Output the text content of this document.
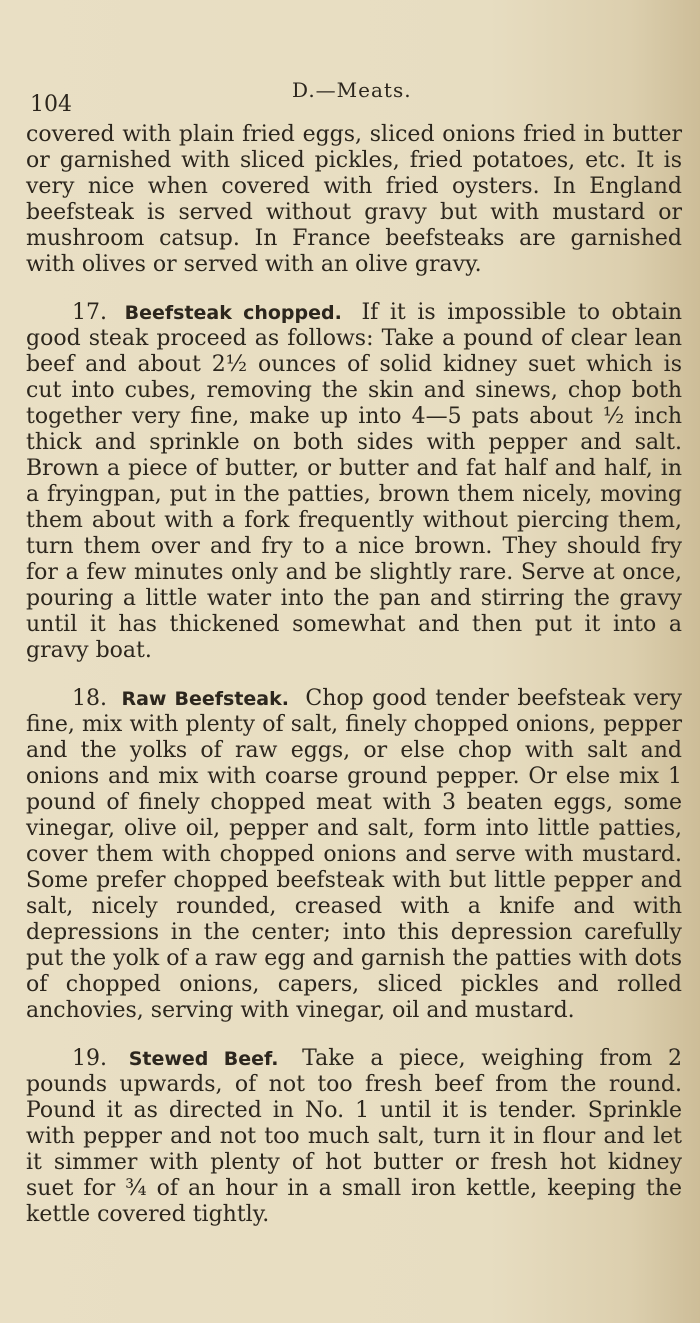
104
D.—Meats.

covered with plain fried eggs, sliced onions fried in butter or garnished with sliced pickles, fried potatoes, etc. It is very nice when covered with fried oysters. In England beefsteak is served without gravy but with mustard or mushroom catsup. In France beefsteaks are garnished with olives or served with an olive gravy.

17. Beefsteak chopped. If it is impossible to obtain good steak proceed as follows: Take a pound of clear lean beef and about 2½ ounces of solid kidney suet which is cut into cubes, removing the skin and sinews, chop both together very fine, make up into 4—5 pats about ½ inch thick and sprinkle on both sides with pepper and salt. Brown a piece of butter, or butter and fat half and half, in a fryingpan, put in the patties, brown them nicely, moving them about with a fork frequently without piercing them, turn them over and fry to a nice brown. They should fry for a few minutes only and be slightly rare. Serve at once, pouring a little water into the pan and stirring the gravy until it has thickened somewhat and then put it into a gravy boat.

18. Raw Beefsteak. Chop good tender beefsteak very fine, mix with plenty of salt, finely chopped onions, pepper and the yolks of raw eggs, or else chop with salt and onions and mix with coarse ground pepper. Or else mix 1 pound of finely chopped meat with 3 beaten eggs, some vinegar, olive oil, pepper and salt, form into little patties, cover them with chopped onions and serve with mustard. Some prefer chopped beefsteak with but little pepper and salt, nicely rounded, creased with a knife and with depressions in the center; into this depression carefully put the yolk of a raw egg and garnish the patties with dots of chopped onions, capers, sliced pickles and rolled anchovies, serving with vinegar, oil and mustard.

19. Stewed Beef. Take a piece, weighing from 2 pounds upwards, of not too fresh beef from the round. Pound it as directed in No. 1 until it is tender. Sprinkle with pepper and not too much salt, turn it in flour and let it simmer with plenty of hot butter or fresh hot kidney suet for ¾ of an hour in a small iron kettle, keeping the kettle covered tightly.
